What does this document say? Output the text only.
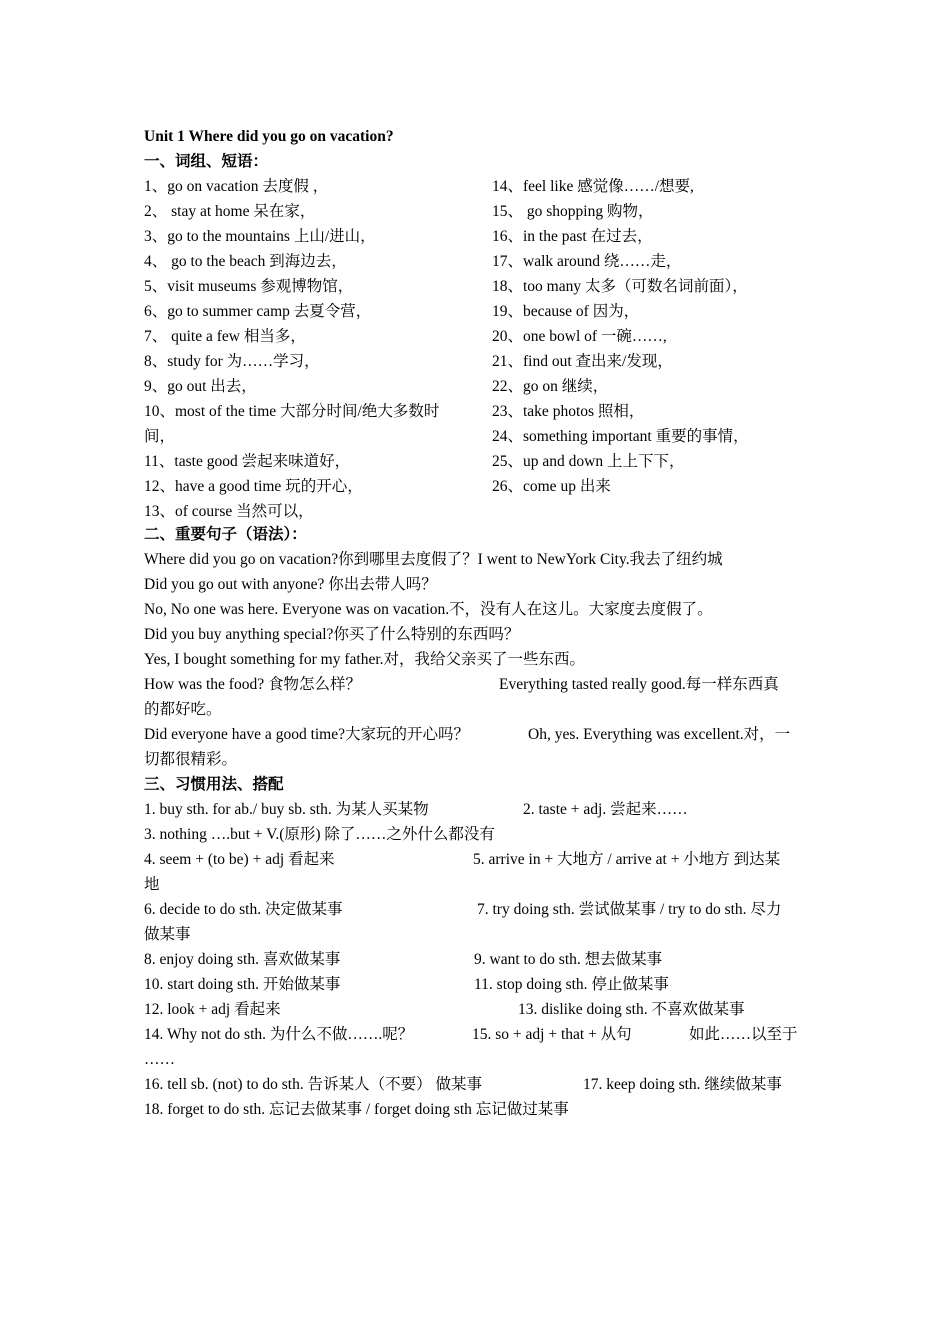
Unit 1 Where did you go on vacation?
一、词组、短语：
1、go on vacation 去度假 ，
2、 stay at home 呆在家，
3、go to the mountains 上山/进山，
4、 go to the beach 到海边去，
5、visit museums 参观博物馆，
6、go to summer camp 去夏令营，
7、 quite a few 相当多，
8、study for 为……学习，
9、go out 出去，
10、most of the time 大部分时间/绝大多数时间，
11、taste good 尝起来味道好，
12、have a good time 玩的开心，
13、of course 当然可以，
14、feel like 感觉像……/想要,
15、 go shopping 购物，
16、in the past 在过去，
17、walk around 绕……走，
18、too many 太多（可数名词前面），
19、because of 因为，
20、one bowl of 一碗……,
21、find out 查出来/发现，
22、go on 继续，
23、take photos 照相，
24、something important 重要的事情，
25、up and down 上上下下，
26、come up 出来
二、重要句子（语法）：
Where did you go on vacation?你到哪里去度假了？I went to NewYork City.我去了纽约城
Did you go out with anyone? 你出去带人吗？
No, No one was here. Everyone was on vacation.不，没有人在这儿。大家度去度假了。
Did you buy anything special?你买了什么特别的东西吗？
Yes, I bought something for my father.对，我给父亲买了一些东西。
How was the food? 食物怎么样？	Everything tasted really good.每一样东西真
的都好吃。
Did everyone have a good time?大家玩的开心吗？	Oh, yes. Everything was excellent.对，一
切都很精彩。
三、习惯用法、搭配
1. buy sth. for ab./ buy sb. sth. 为某人买某物	2. taste + adj. 尝起来……
3. nothing ….but + V.(原形) 除了……之外什么都没有
4. seem + (to be) + adj 看起来	5. arrive in + 大地方 / arrive at + 小地方 到达某
地
6. decide to do sth. 决定做某事	7. try doing sth. 尝试做某事 / try to do sth. 尽力
做某事
8. enjoy doing sth. 喜欢做某事	9. want to do sth. 想去做某事
10. start doing sth. 开始做某事	11. stop doing sth. 停止做某事
12. look + adj 看起来	13. dislike doing sth. 不喜欢做某事
14. Why not do sth. 为什么不做…….呢？	15. so + adj + that + 从句	如此……以至于
……
16. tell sb. (not) to do sth. 告诉某人（不要） 做某事	17. keep doing sth. 继续做某事
18. forget to do sth. 忘记去做某事 / forget doing sth 忘记做过某事
